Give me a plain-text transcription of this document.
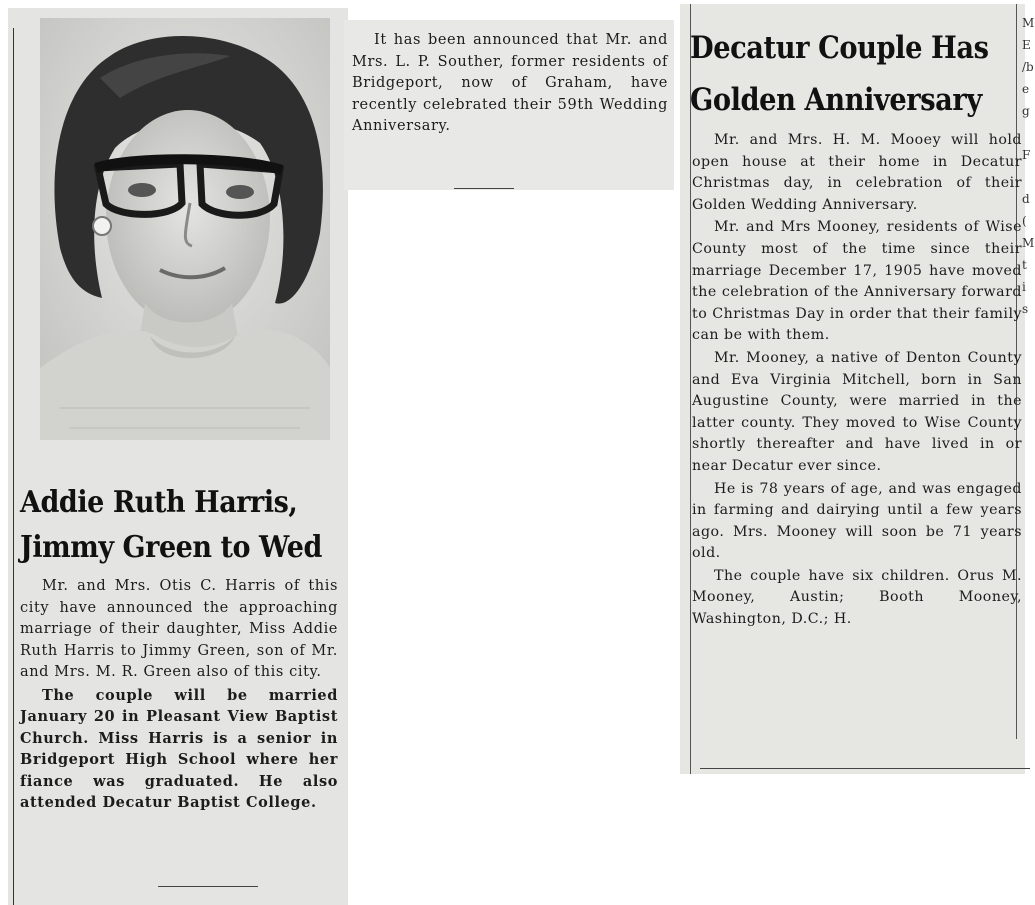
Addie Ruth Harris,
Jimmy Green to Wed

Mr. and Mrs. Otis C. Harris of this city have announced the approaching marriage of their daughter, Miss Addie Ruth Harris to Jimmy Green, son of Mr. and Mrs. M. R. Green also of this city.

The couple will be married January 20 in Pleasant View Baptist Church. Miss Harris is a senior in Bridgeport High School where her fiance was graduated. He also attended Decatur Baptist College.

It has been announced that Mr. and Mrs. L. P. Souther, former residents of Bridgeport, now of Graham, have recently celebrated their 59th Wedding Anniversary.

Decatur Couple Has
Golden Anniversary

Mr. and Mrs. H. M. Mooey will hold open house at their home in Decatur Christmas day, in celebration of their Golden Wedding Anniversary.

Mr. and Mrs Mooney, residents of Wise County most of the time since their marriage December 17, 1905 have moved the celebration of the Anniversary forward to Christmas Day in order that their family can be with them.

Mr. Mooney, a native of Denton County and Eva Virginia Mitchell, born in San Augustine County, were married in the latter county. They moved to Wise County shortly thereafter and have lived in or near Decatur ever since.

He is 78 years of age, and was engaged in farming and dairying until a few years ago. Mrs. Mooney will soon be 71 years old.

The couple have six children. Orus M. Mooney, Austin; Booth Mooney, Washington, D.C.; H.

M
E
/b
e
g
F
d
(
M
t
i
s
